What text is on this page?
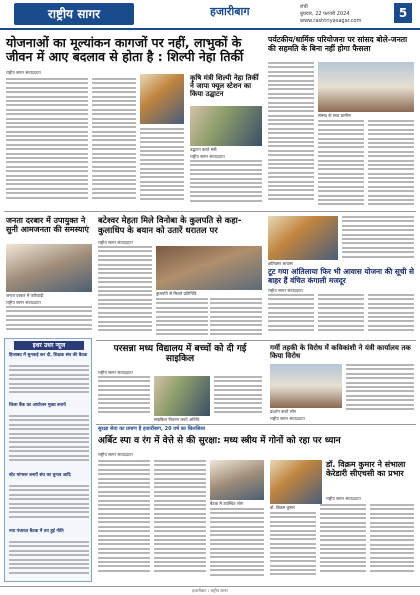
राष्ट्रीय सागर	हजारीबाग	रांची
बुधवार, 22 फरवरी 2024
www.rashtriyasagar.com
5
योजनाओं का मूल्यांकन कागजों पर नहीं, लाभुकों के जीवन में आए बदलाव से होता है : शिल्पी नेहा तिर्की
राष्ट्रीय सागर संवाददाता
कृषि मंत्री शिल्पी नेहा तिर्की ने जापा फ्यूल स्टेशन का किया उद्घाटन
उद्घाटन करते मंत्री
राष्ट्रीय सागर संवाददाता
पर्यटकीय/धार्मिक परियोजना पर सांसद बोले-जनता की सहमति के बिना नहीं होगा फैसला
सांसद के साथ ग्रामीण
जनता दरबार में उपायुक्त ने सुनी आमजनता की समस्याएं
जनता दरबार में फरियादी
राष्ट्रीय सागर संवाददाता
बटेश्वर मेहता मिले विनोबा के कुलपति से कहा-कुलाधिप के बयान को उतारें धरातल पर
राष्ट्रीय सागर संवाददाता
कुलपति से मिलते प्रतिनिधि
क्षतिग्रस्त आवास
टूट गया आंतिलाया फिर भी आवास योजना की सूची से बाहर हैं वंचित कंगाली मजदूर
राष्ट्रीय सागर संवाददाता
इधर उधर न्यूज
हिजाबद में सुनवाई कर दी, शिक्षक संघ की बैठक
जिला बैंक का आयोजन मुख्य बनाये
स्टेट मांगसर बनायें संघ का चुनाव आदि
नया पंचायत बैठक में तय हुई नीति
परसन्ना मध्य विद्यालय में बच्चों को दी गई साइकिल
राष्ट्रीय सागर संवाददाता
साइकिल वितरण करते अतिथि
गर्मी तहकी के विरोध में कविकांशी ने यंत्री कार्यालय तक किया विरोध
प्रदर्शन करते लोग
राष्ट्रीय सागर संवाददाता
सुरक्षा सेवा का प्रमाण है हजारीबाग, 20 वर्ष का सिलसिला
अर्बिट स्पा व रंग में वेत्ते से की सुरक्षा: मध्य स्त्रीय में गोनों को रहा पर ध्यान
राष्ट्रीय सागर संवाददाता
बैठक में उपस्थित लोग
डॉ. विक्रम कुमार
डॉ. विक्रम कुमार ने संभाला केरेडारी सीएचसी का प्रभार
राष्ट्रीय सागर संवाददाता
हजारीबाग । राष्ट्रीय सागर
